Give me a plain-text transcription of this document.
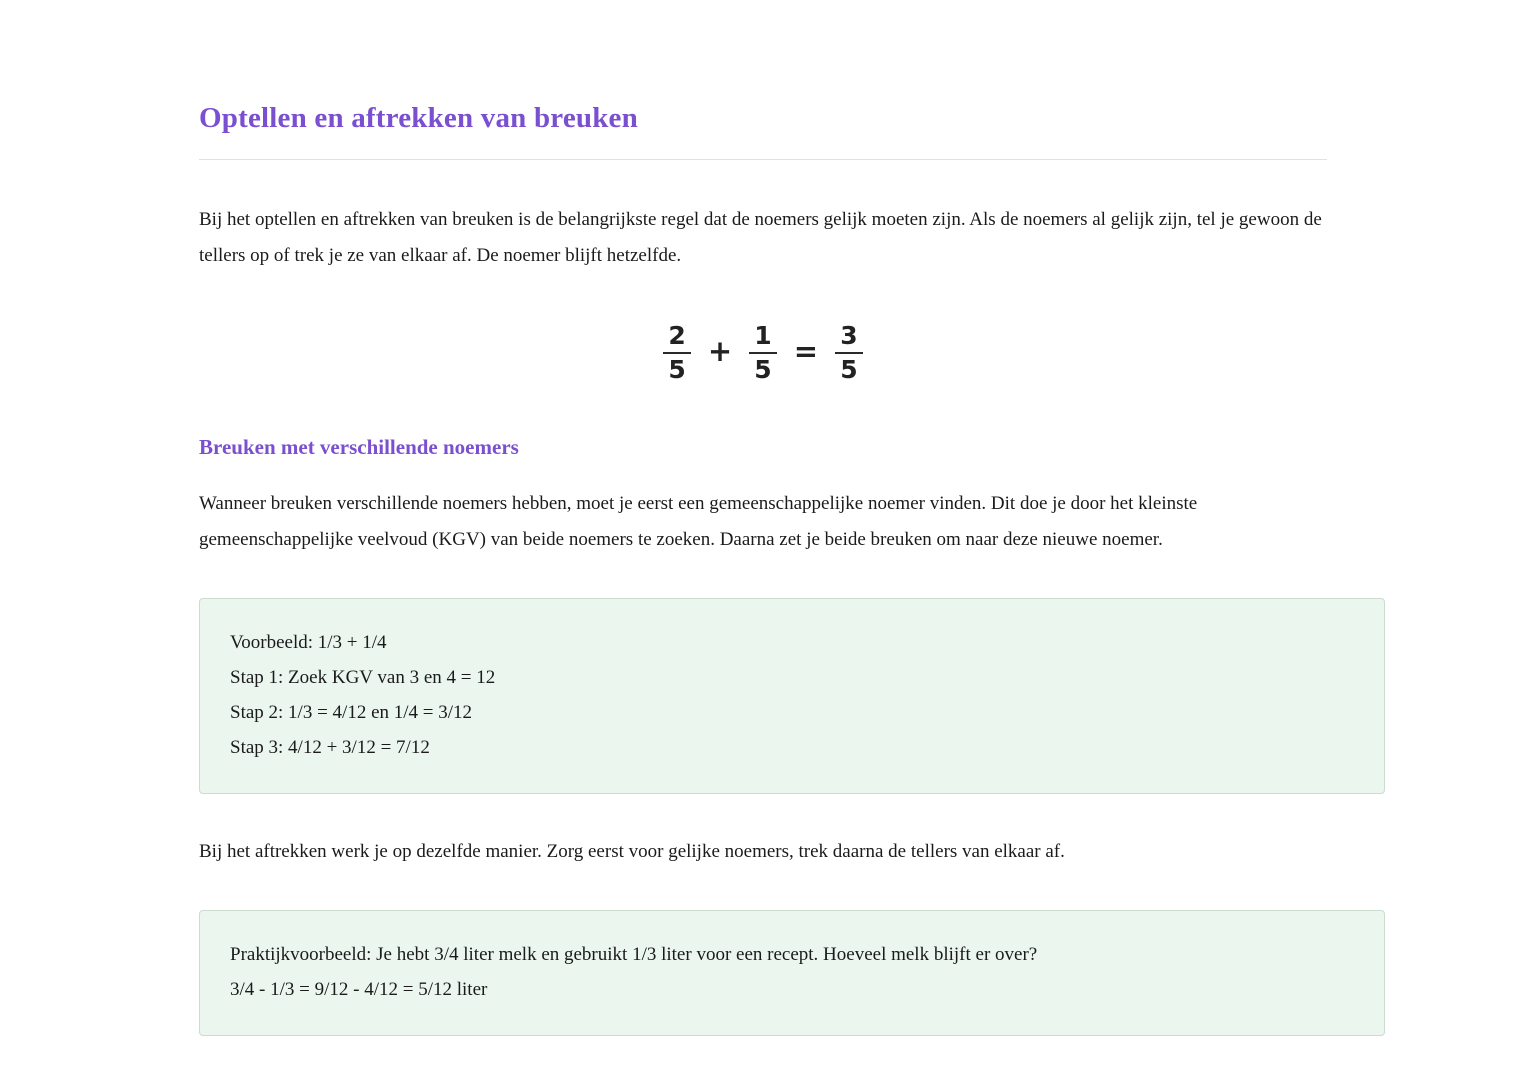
Optellen en aftrekken van breuken

Bij het optellen en aftrekken van breuken is de belangrijkste regel dat de noemers gelijk moeten zijn. Als de noemers al gelijk zijn, tel je gewoon de tellers op of trek je ze van elkaar af. De noemer blijft hetzelfde.

$\frac{2}{5} + \frac{1}{5} = \frac{3}{5}$
Breuken met verschillende noemers

Wanneer breuken verschillende noemers hebben, moet je eerst een gemeenschappelijke noemer vinden. Dit doe je door het kleinste gemeenschappelijke veelvoud (KGV) van beide noemers te zoeken. Daarna zet je beide breuken om naar deze nieuwe noemer.

Voorbeeld: 1/3 + 1/4
Stap 1: Zoek KGV van 3 en 4 = 12
Stap 2: 1/3 = 4/12 en 1/4 = 3/12
Stap 3: 4/12 + 3/12 = 7/12

Bij het aftrekken werk je op dezelfde manier. Zorg eerst voor gelijke noemers, trek daarna de tellers van elkaar af.

Praktijkvoorbeeld: Je hebt 3/4 liter melk en gebruikt 1/3 liter voor een recept. Hoeveel melk blijft er over?
3/4 - 1/3 = 9/12 - 4/12 = 5/12 liter
